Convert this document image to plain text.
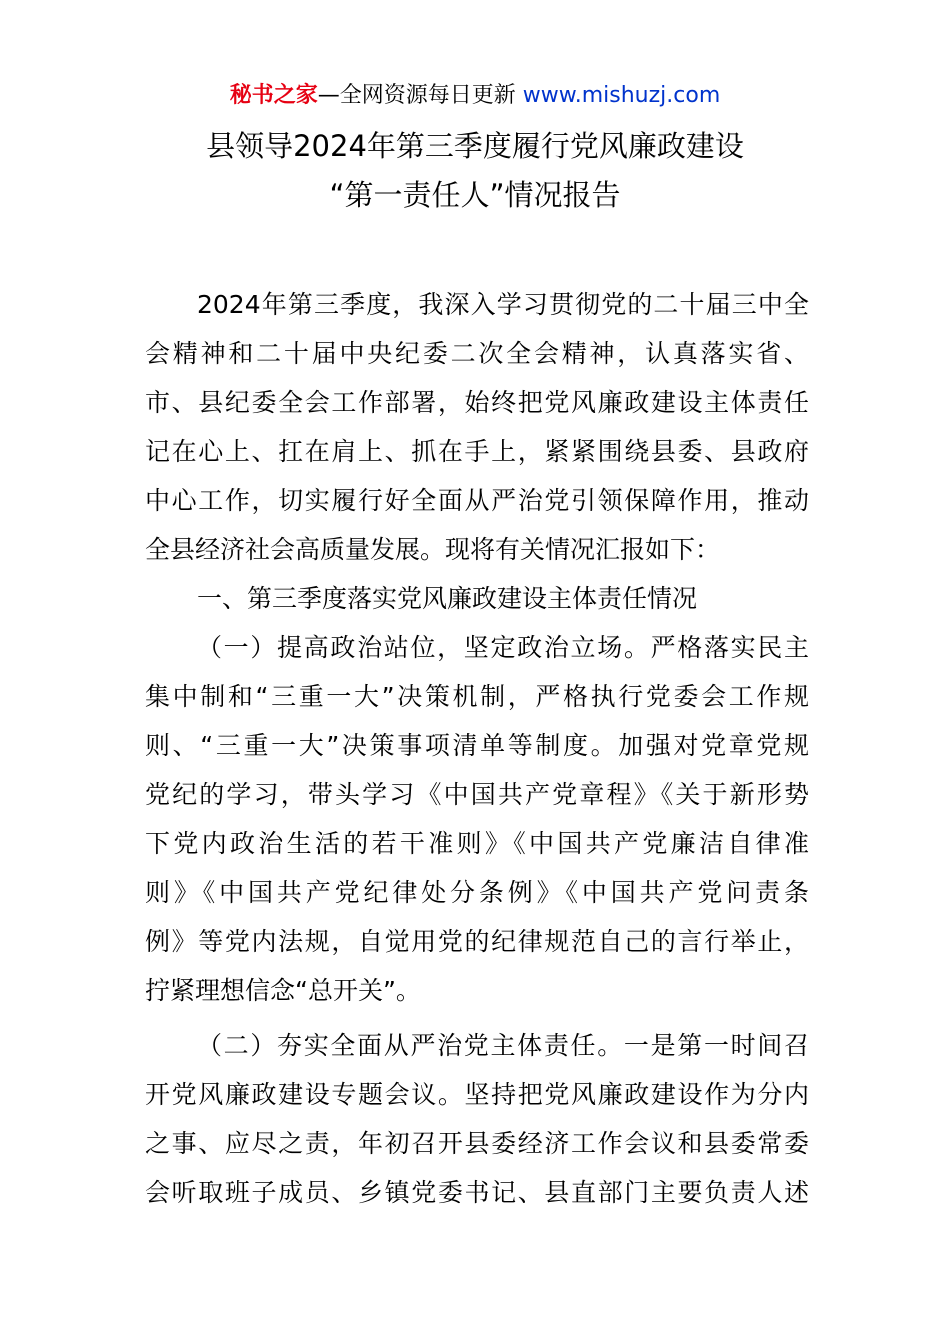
秘书之家—全网资源每日更新 www.mishuzj.com
县领导2024年第三季度履行党风廉政建设
“第一责任人”情况报告
2024年第三季度，我深入学习贯彻党的二十届三中全
会精神和二十届中央纪委二次全会精神，认真落实省、
市、县纪委全会工作部署，始终把党风廉政建设主体责任
记在心上、扛在肩上、抓在手上，紧紧围绕县委、县政府
中心工作，切实履行好全面从严治党引领保障作用，推动
全县经济社会高质量发展。现将有关情况汇报如下：
一、第三季度落实党风廉政建设主体责任情况
（一）提高政治站位，坚定政治立场。严格落实民主
集中制和“三重一大”决策机制，严格执行党委会工作规
则、“三重一大”决策事项清单等制度。加强对党章党规
党纪的学习，带头学习《中国共产党章程》《关于新形势
下党内政治生活的若干准则》《中国共产党廉洁自律准
则》《中国共产党纪律处分条例》《中国共产党问责条
例》等党内法规，自觉用党的纪律规范自己的言行举止，
拧紧理想信念“总开关”。
（二）夯实全面从严治党主体责任。一是第一时间召
开党风廉政建设专题会议。坚持把党风廉政建设作为分内
之事、应尽之责，年初召开县委经济工作会议和县委常委
会听取班子成员、乡镇党委书记、县直部门主要负责人述
